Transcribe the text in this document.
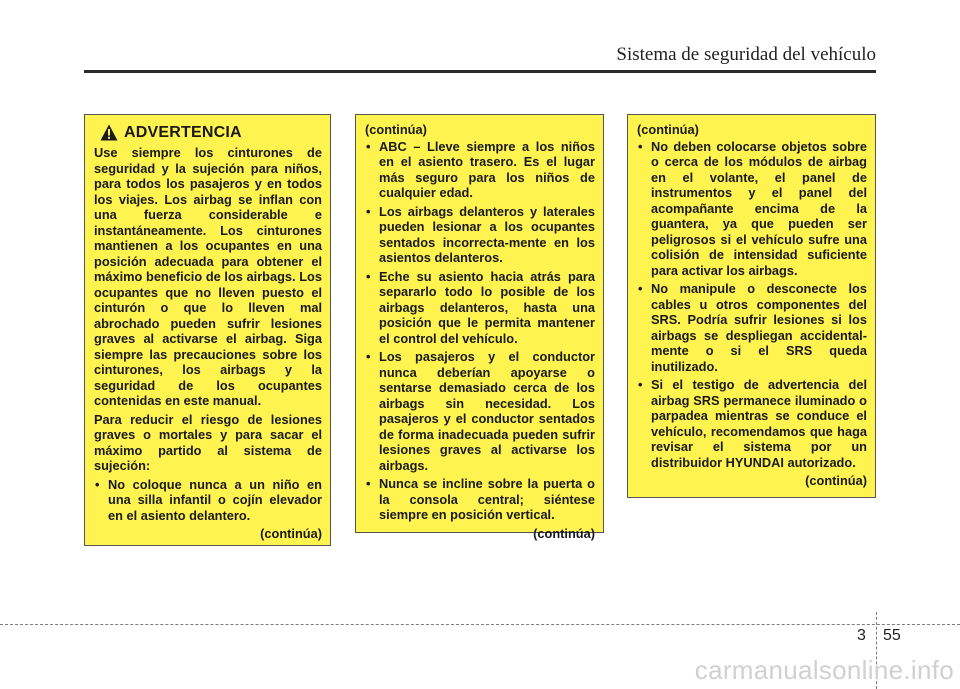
Sistema de seguridad del vehículo
ADVERTENCIA

Use siempre los cinturones de seguridad y la sujeción para niños, para todos los pasajeros y en todos los viajes. Los airbag se inflan con una fuerza considerable e instantáneamente. Los cinturones mantienen a los ocupantes en una posición adecuada para obtener el máximo beneficio de los airbags. Los ocupantes que no lleven puesto el cinturón o que lo lleven mal abrochado pueden sufrir lesiones graves al activarse el airbag. Siga siempre las precauciones sobre los cinturones, los airbags y la seguridad de los ocupantes contenidas en este manual.

Para reducir el riesgo de lesiones graves o mortales y para sacar el máximo partido al sistema de sujeción:

• No coloque nunca a un niño en una silla infantil o cojín elevador en el asiento delantero.
(continúa)
(continúa)
• ABC – Lleve siempre a los niños en el asiento trasero. Es el lugar más seguro para los niños de cualquier edad.
• Los airbags delanteros y laterales pueden lesionar a los ocupantes sentados incorrecta-mente en los asientos delanteros.
• Eche su asiento hacia atrás para separarlo todo lo posible de los airbags delanteros, hasta una posición que le permita mantener el control del vehículo.
• Los pasajeros y el conductor nunca deberían apoyarse o sentarse demasiado cerca de los airbags sin necesidad. Los pasajeros y el conductor sentados de forma inadecuada pueden sufrir lesiones graves al activarse los airbags.
• Nunca se incline sobre la puerta o la consola central; siéntese siempre en posición vertical.
(continúa)
(continúa)
• No deben colocarse objetos sobre o cerca de los módulos de airbag en el volante, el panel de instrumentos y el panel del acompañante encima de la guantera, ya que pueden ser peligrosos si el vehículo sufre una colisión de intensidad suficiente para activar los airbags.
• No manipule o desconecte los cables u otros componentes del SRS. Podría sufrir lesiones si los airbags se despliegan accidental-mente o si el SRS queda inutilizado.
• Si el testigo de advertencia del airbag SRS permanece iluminado o parpadea mientras se conduce el vehículo, recomendamos que haga revisar el sistema por un distribuidor HYUNDAI autorizado.
(continúa)
3 55
carmanualsonline.info
